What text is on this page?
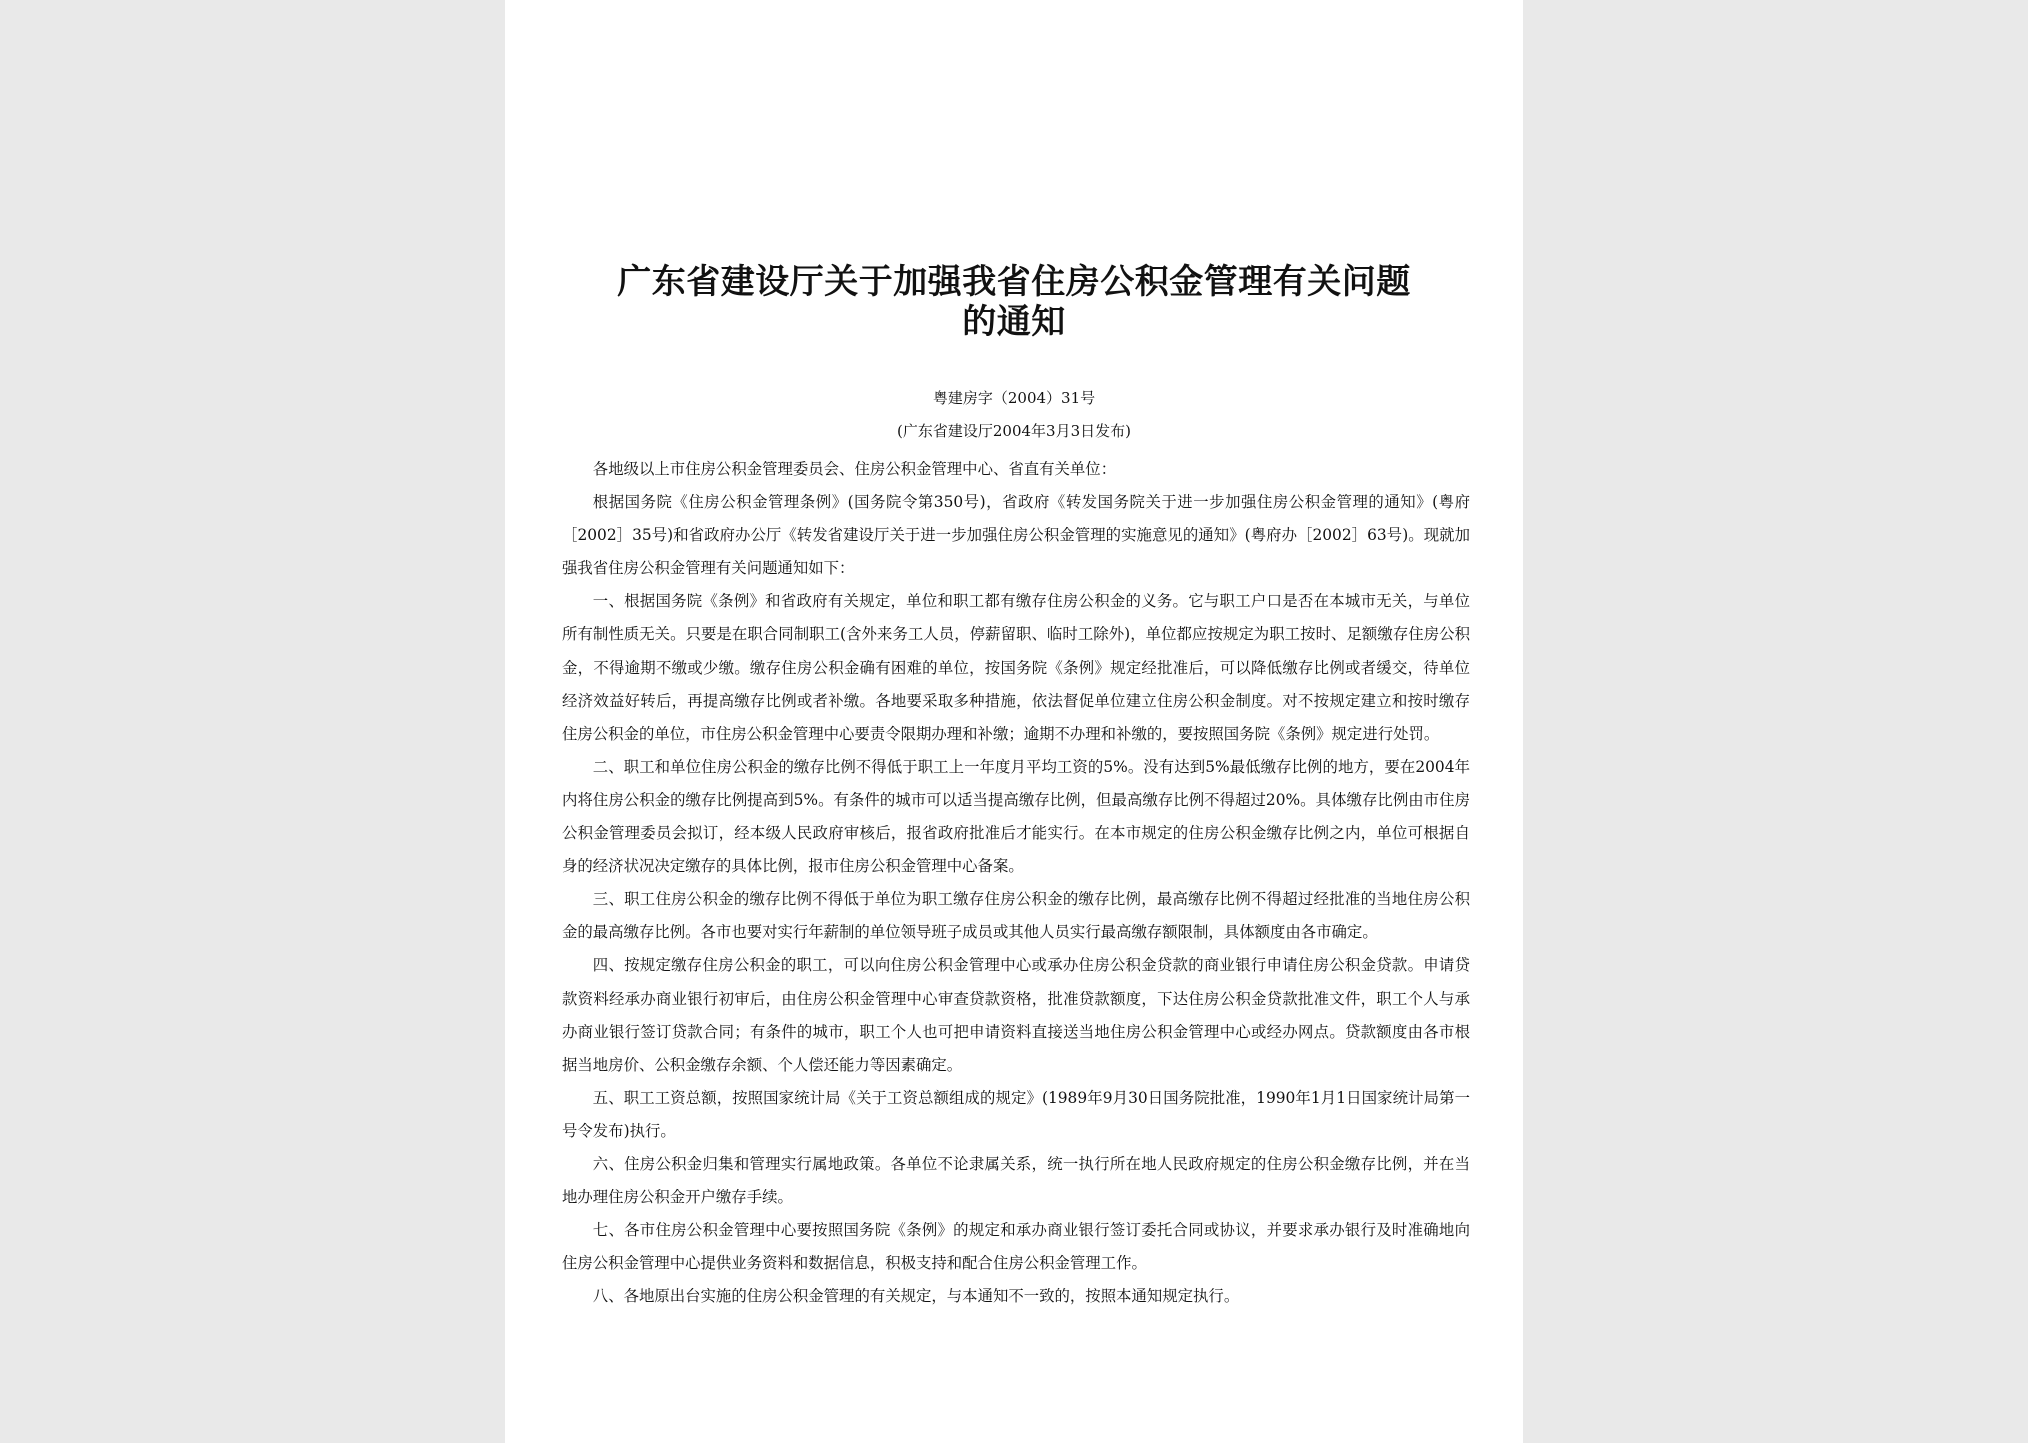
广东省建设厅关于加强我省住房公积金管理有关问题
的通知
粤建房字（2004）31号
(广东省建设厅2004年3月3日发布)

各地级以上市住房公积金管理委员会、住房公积金管理中心、省直有关单位：

根据国务院《住房公积金管理条例》(国务院令第350号)，省政府《转发国务院关于进一步加强住房公积金管理的通知》(粤府［2002］35号)和省政府办公厅《转发省建设厅关于进一步加强住房公积金管理的实施意见的通知》(粤府办［2002］63号)。现就加强我省住房公积金管理有关问题通知如下：

一、根据国务院《条例》和省政府有关规定，单位和职工都有缴存住房公积金的义务。它与职工户口是否在本城市无关，与单位所有制性质无关。只要是在职合同制职工(含外来务工人员，停薪留职、临时工除外)，单位都应按规定为职工按时、足额缴存住房公积金，不得逾期不缴或少缴。缴存住房公积金确有困难的单位，按国务院《条例》规定经批准后，可以降低缴存比例或者缓交，待单位经济效益好转后，再提高缴存比例或者补缴。各地要采取多种措施，依法督促单位建立住房公积金制度。对不按规定建立和按时缴存住房公积金的单位，市住房公积金管理中心要责令限期办理和补缴；逾期不办理和补缴的，要按照国务院《条例》规定进行处罚。

二、职工和单位住房公积金的缴存比例不得低于职工上一年度月平均工资的5%。没有达到5%最低缴存比例的地方，要在2004年内将住房公积金的缴存比例提高到5%。有条件的城市可以适当提高缴存比例，但最高缴存比例不得超过20%。具体缴存比例由市住房公积金管理委员会拟订，经本级人民政府审核后，报省政府批准后才能实行。在本市规定的住房公积金缴存比例之内，单位可根据自身的经济状况决定缴存的具体比例，报市住房公积金管理中心备案。

三、职工住房公积金的缴存比例不得低于单位为职工缴存住房公积金的缴存比例，最高缴存比例不得超过经批准的当地住房公积金的最高缴存比例。各市也要对实行年薪制的单位领导班子成员或其他人员实行最高缴存额限制，具体额度由各市确定。

四、按规定缴存住房公积金的职工，可以向住房公积金管理中心或承办住房公积金贷款的商业银行申请住房公积金贷款。申请贷款资料经承办商业银行初审后，由住房公积金管理中心审查贷款资格，批准贷款额度，下达住房公积金贷款批准文件，职工个人与承办商业银行签订贷款合同；有条件的城市，职工个人也可把申请资料直接送当地住房公积金管理中心或经办网点。贷款额度由各市根据当地房价、公积金缴存余额、个人偿还能力等因素确定。

五、职工工资总额，按照国家统计局《关于工资总额组成的规定》(1989年9月30日国务院批准，1990年1月1日国家统计局第一号令发布)执行。

六、住房公积金归集和管理实行属地政策。各单位不论隶属关系，统一执行所在地人民政府规定的住房公积金缴存比例，并在当地办理住房公积金开户缴存手续。

七、各市住房公积金管理中心要按照国务院《条例》的规定和承办商业银行签订委托合同或协议，并要求承办银行及时准确地向住房公积金管理中心提供业务资料和数据信息，积极支持和配合住房公积金管理工作。

八、各地原出台实施的住房公积金管理的有关规定，与本通知不一致的，按照本通知规定执行。
